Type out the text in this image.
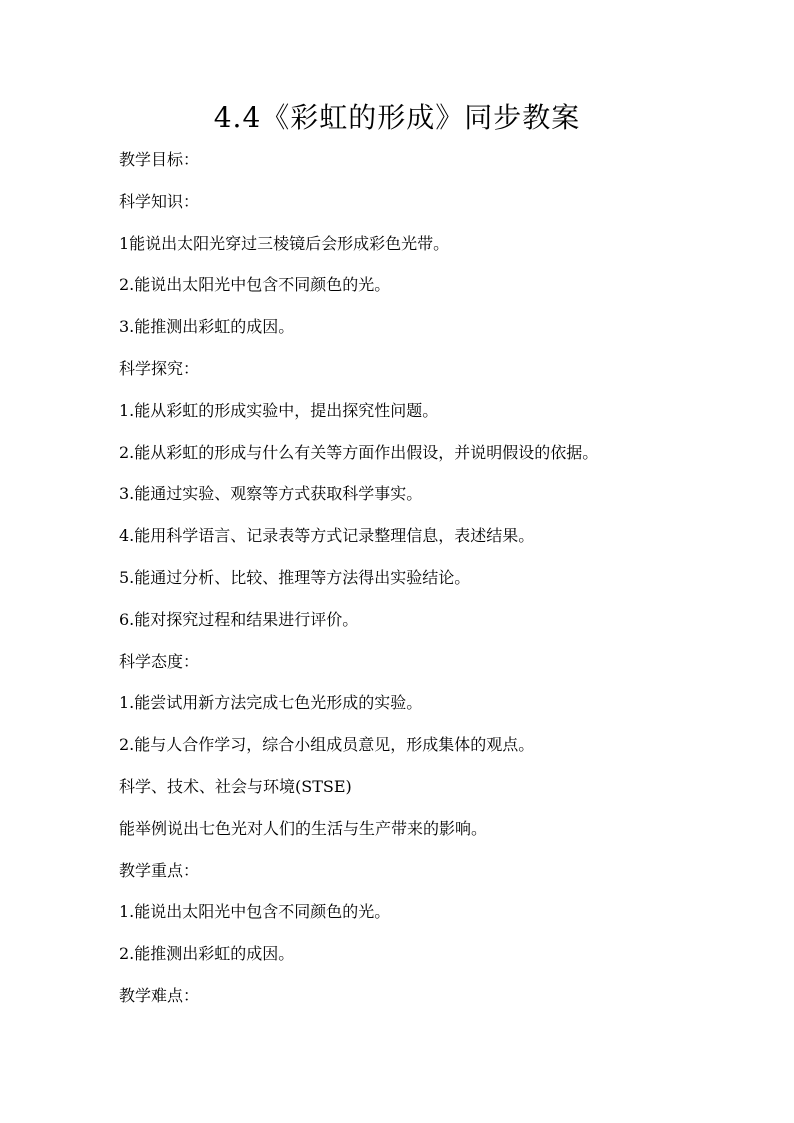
4.4《彩虹的形成》同步教案
教学目标：
科学知识：
1能说出太阳光穿过三棱镜后会形成彩色光带。
2.能说出太阳光中包含不同颜色的光。
3.能推测出彩虹的成因。
科学探究：
1.能从彩虹的形成实验中，提出探究性问题。
2.能从彩虹的形成与什么有关等方面作出假设，并说明假设的依据。
3.能通过实验、观察等方式获取科学事实。
4.能用科学语言、记录表等方式记录整理信息，表述结果。
5.能通过分析、比较、推理等方法得出实验结论。
6.能对探究过程和结果进行评价。
科学态度：
1.能尝试用新方法完成七色光形成的实验。
2.能与人合作学习，综合小组成员意见，形成集体的观点。
科学、技术、社会与环境(STSE)
能举例说出七色光对人们的生活与生产带来的影响。
教学重点：
1.能说出太阳光中包含不同颜色的光。
2.能推测出彩虹的成因。
教学难点：
